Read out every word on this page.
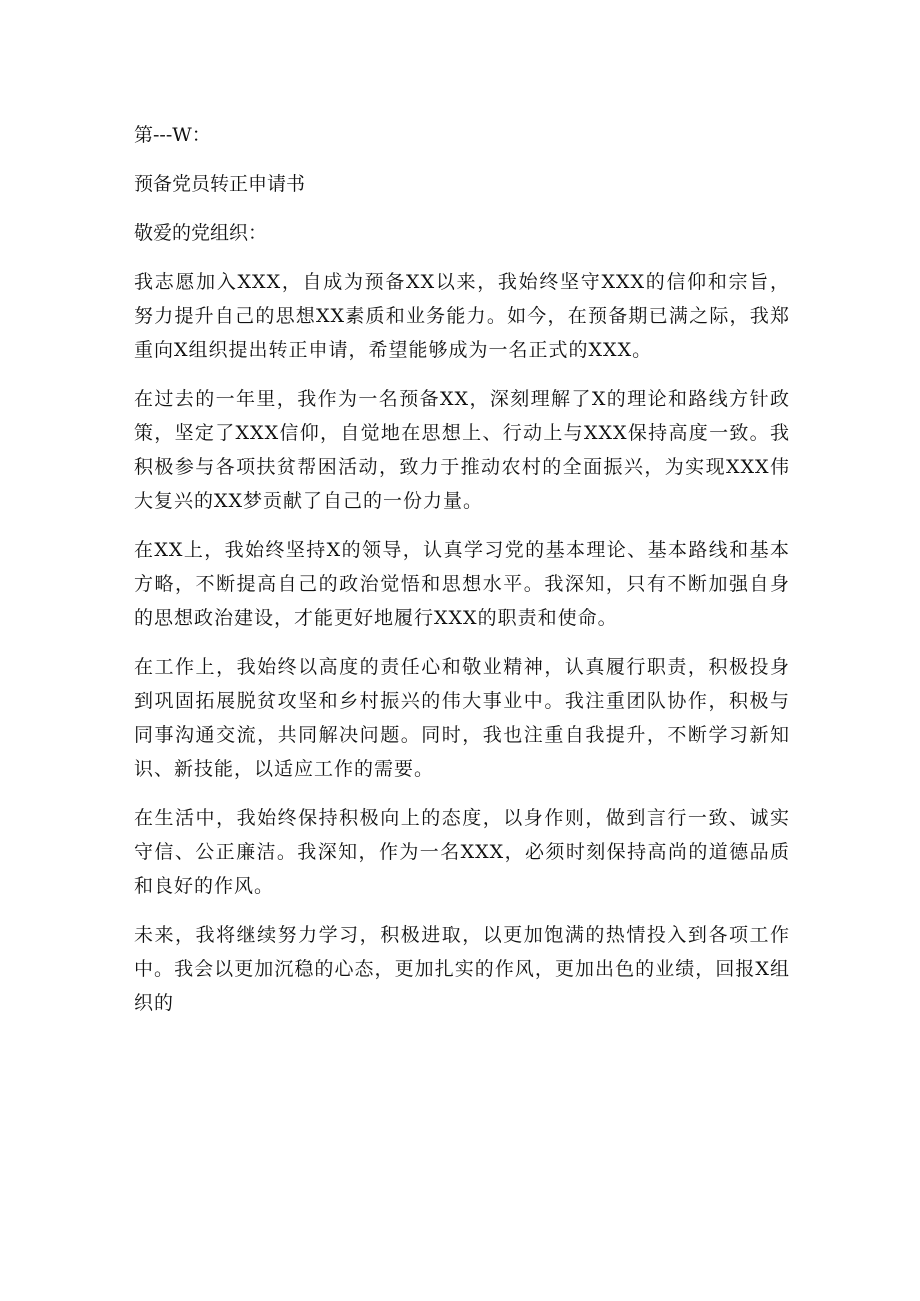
第---W：
预备党员转正申请书
敬爱的党组织：
我志愿加入XXX，自成为预备XX以来，我始终坚守XXX的信仰和宗旨，努力提升自己的思想XX素质和业务能力。如今，在预备期已满之际，我郑重向X组织提出转正申请，希望能够成为一名正式的XXX。
在过去的一年里，我作为一名预备XX，深刻理解了X的理论和路线方针政策，坚定了XXX信仰，自觉地在思想上、行动上与XXX保持高度一致。我积极参与各项扶贫帮困活动，致力于推动农村的全面振兴，为实现XXX伟大复兴的XX梦贡献了自己的一份力量。
在XX上，我始终坚持X的领导，认真学习党的基本理论、基本路线和基本方略，不断提高自己的政治觉悟和思想水平。我深知，只有不断加强自身的思想政治建设，才能更好地履行XXX的职责和使命。
在工作上，我始终以高度的责任心和敬业精神，认真履行职责，积极投身到巩固拓展脱贫攻坚和乡村振兴的伟大事业中。我注重团队协作，积极与同事沟通交流，共同解决问题。同时，我也注重自我提升，不断学习新知识、新技能，以适应工作的需要。
在生活中，我始终保持积极向上的态度，以身作则，做到言行一致、诚实守信、公正廉洁。我深知，作为一名XXX，必须时刻保持高尚的道德品质和良好的作风。
未来，我将继续努力学习，积极进取，以更加饱满的热情投入到各项工作中。我会以更加沉稳的心态，更加扎实的作风，更加出色的业绩，回报X组织的
